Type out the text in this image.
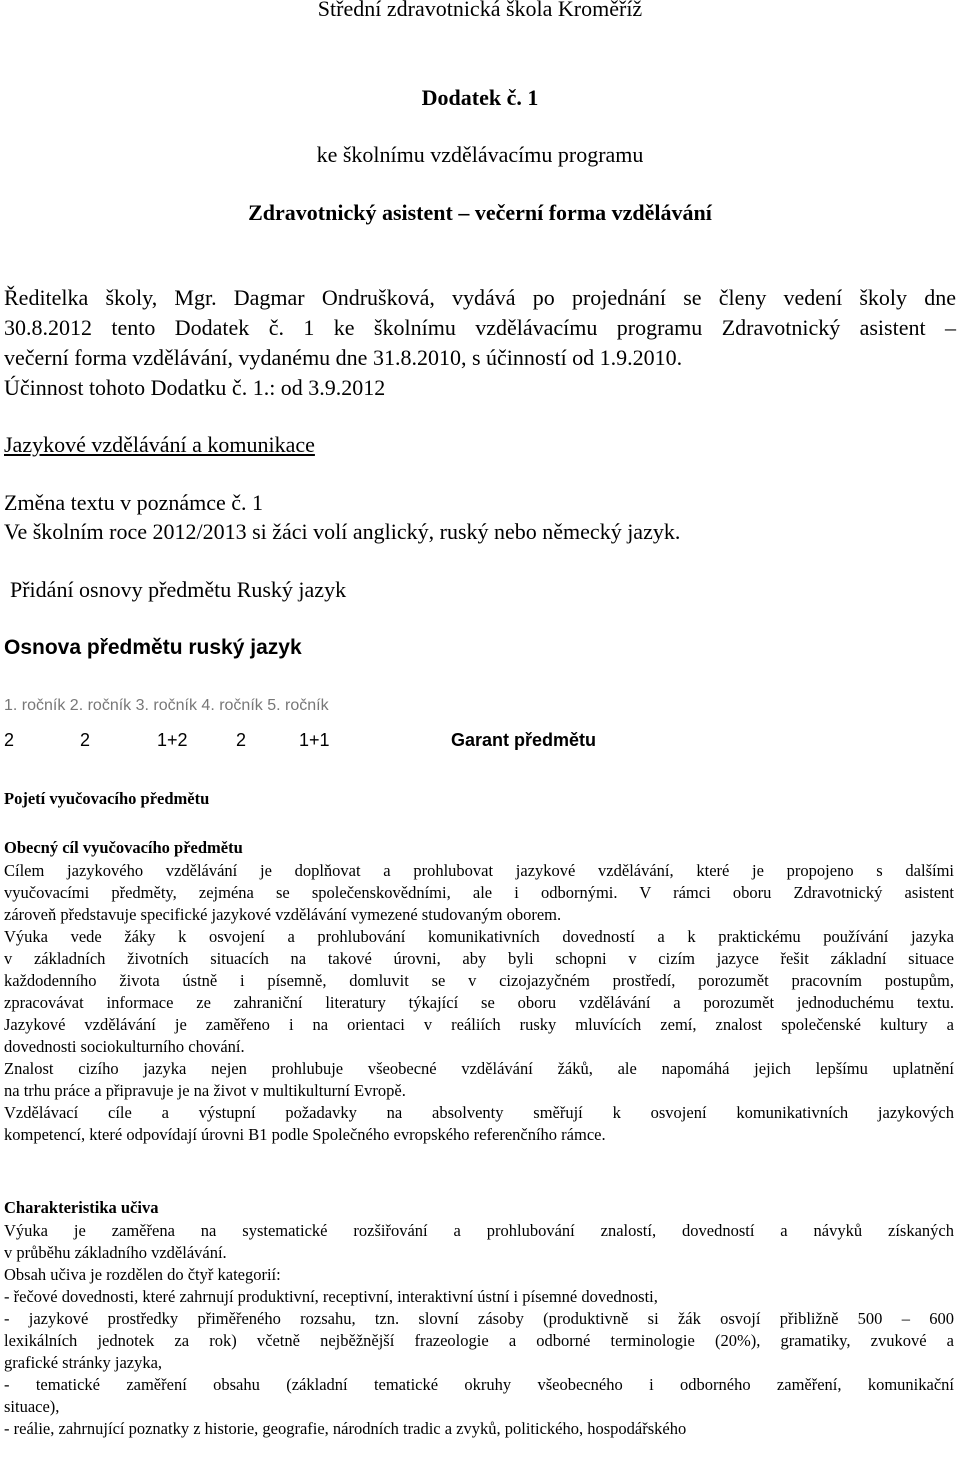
Střední zdravotnická škola Kroměříž
Dodatek č. 1
ke školnímu vzdělávacímu programu
Zdravotnický asistent – večerní forma vzdělávání
Ředitelka školy, Mgr. Dagmar Ondrušková, vydává po projednání se členy vedení školy dne
30.8.2012 tento Dodatek č. 1 ke školnímu vzdělávacímu programu Zdravotnický asistent –
večerní forma vzdělávání, vydanému dne 31.8.2010, s účinností od 1.9.2010.
Účinnost tohoto Dodatku č. 1.: od 3.9.2012
Jazykové vzdělávání a komunikace
Změna textu v poznámce č. 1
Ve školním roce 2012/2013 si žáci volí anglický, ruský nebo německý jazyk.
Přidání osnovy předmětu Ruský jazyk
Osnova předmětu ruský jazyk
1. ročník 2. ročník 3. ročník 4. ročník 5. ročník
2	2	1+2	2	1+1	Garant předmětu
Pojetí vyučovacího předmětu
Obecný cíl vyučovacího předmětu
Cílem jazykového vzdělávání je doplňovat a prohlubovat jazykové vzdělávání, které je propojeno s dalšími
vyučovacími předměty, zejména se společenskovědními, ale i odbornými. V rámci oboru Zdravotnický asistent
zároveň představuje specifické jazykové vzdělávání vymezené studovaným oborem.
Výuka vede žáky k osvojení a prohlubování komunikativních dovedností a k praktickému používání jazyka
v základních životních situacích na takové úrovni, aby byli schopni v cizím jazyce řešit základní situace
každodenního života ústně i písemně, domluvit se v cizojazyčném prostředí, porozumět pracovním postupům,
zpracovávat informace ze zahraniční literatury týkající se oboru vzdělávání a porozumět jednoduchému textu.
Jazykové vzdělávání je zaměřeno i na orientaci v reáliích rusky mluvících zemí, znalost společenské kultury a
dovednosti sociokulturního chování.
Znalost cizího jazyka nejen prohlubuje všeobecné vzdělávání žáků, ale napomáhá jejich lepšímu uplatnění
na trhu práce a připravuje je na život v multikulturní Evropě.
Vzdělávací cíle a výstupní požadavky na absolventy směřují k osvojení komunikativních jazykových
kompetencí, které odpovídají úrovni B1 podle Společného evropského referenčního rámce.
Charakteristika učiva
Výuka je zaměřena na systematické rozšiřování a prohlubování znalostí, dovedností a návyků získaných
v průběhu základního vzdělávání.
Obsah učiva je rozdělen do čtyř kategorií:
- řečové dovednosti, které zahrnují produktivní, receptivní, interaktivní ústní i písemné dovednosti,
- jazykové prostředky přiměřeného rozsahu, tzn. slovní zásoby (produktivně si žák osvojí přibližně 500 – 600
lexikálních jednotek za rok) včetně nejběžnější frazeologie a odborné terminologie (20%), gramatiky, zvukové a
grafické stránky jazyka,
- tematické zaměření obsahu (základní tematické okruhy všeobecného i odborného zaměření, komunikační
situace),
- reálie, zahrnující poznatky z historie, geografie, národních tradic a zvyků, politického, hospodářského
